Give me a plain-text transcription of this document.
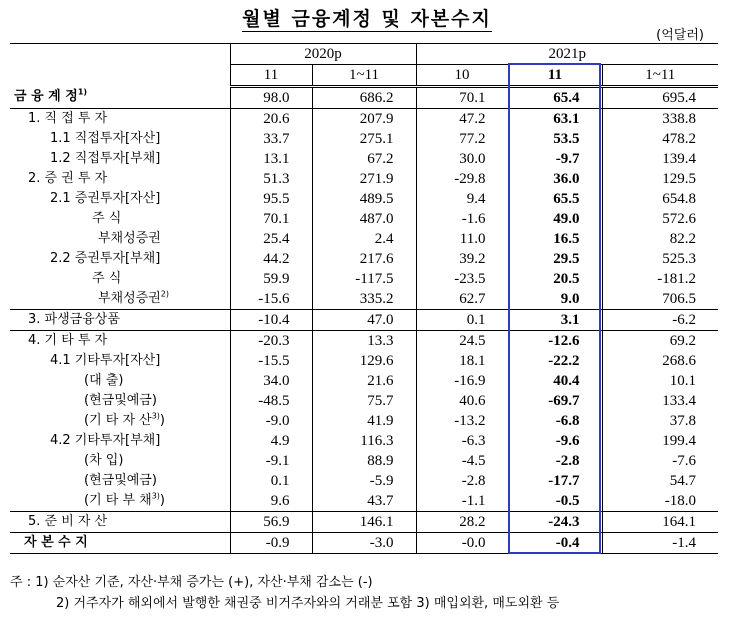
월별 금융계정 및 자본수지
(억달러)
	2020p		2021p		
	11	1~11	10	11	1~11
금 융 계 정$^{1)}$	98.0	686.2	70.1	65.4	695.4
1. 직 접 투 자	20.6	207.9	47.2	63.1	338.8
1.1 직접투자[자산]	33.7	275.1	77.2	53.5	478.2
1.2 직접투자[부채]	13.1	67.2	30.0	-9.7	139.4
2. 증 권 투 자	51.3	271.9	-29.8	36.0	129.5
2.1 증권투자[자산]	95.5	489.5	9.4	65.5	654.8
주 식	70.1	487.0	-1.6	49.0	572.6
부채성증권	25.4	2.4	11.0	16.5	82.2
2.2 증권투자[부채]	44.2	217.6	39.2	29.5	525.3
주 식	59.9	-117.5	-23.5	20.5	-181.2
부채성증권$^{2)}$	-15.6	335.2	62.7	9.0	706.5
3. 파생금융상품	-10.4	47.0	0.1	3.1	-6.2
4. 기 타 투 자	-20.3	13.3	24.5	-12.6	69.2
4.1 기타투자[자산]	-15.5	129.6	18.1	-22.2	268.6
(대 출)	34.0	21.6	-16.9	40.4	10.1
(현금및예금)	-48.5	75.7	40.6	-69.7	133.4
(기 타 자 산$^{3)}$)	-9.0	41.9	-13.2	-6.8	37.8
4.2 기타투자[부채]	4.9	116.3	-6.3	-9.6	199.4
(차 입)	-9.1	88.9	-4.5	-2.8	-7.6
(현금및예금)	0.1	-5.9	-2.8	-17.7	54.7
(기 타 부 채$^{3)}$)	9.6	43.7	-1.1	-0.5	-18.0
5. 준 비 자 산	56.9	146.1	28.2	-24.3	164.1
자 본 수 지	-0.9	-3.0	-0.0	-0.4	-1.4
주 : 1) 순자산 기준, 자산·부채 증가는 (+), 자산·부채 감소는 (-)
2) 거주자가 해외에서 발행한 채권중 비거주자와의 거래분 포함 3) 매입외환, 매도외환 등
